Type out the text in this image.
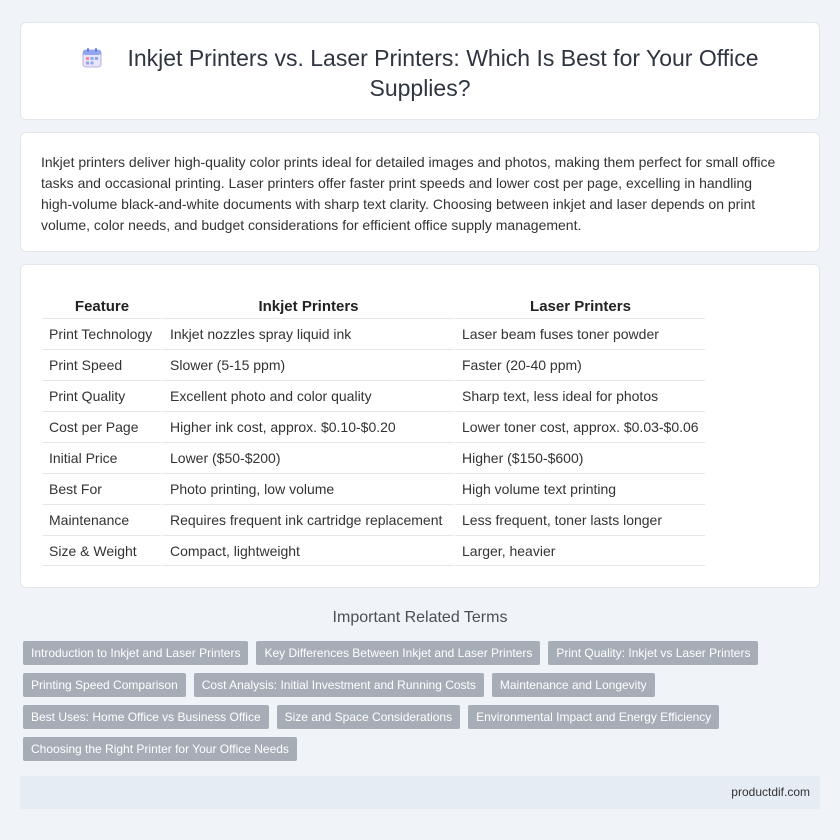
Inkjet Printers vs. Laser Printers: Which Is Best for Your Office Supplies?

Inkjet printers deliver high-quality color prints ideal for detailed images and photos, making them perfect for small office tasks and occasional printing. Laser printers offer faster print speeds and lower cost per page, excelling in handling high-volume black-and-white documents with sharp text clarity. Choosing between inkjet and laser depends on print volume, color needs, and budget considerations for efficient office supply management.

Feature	Inkjet Printers	Laser Printers
Print Technology	Inkjet nozzles spray liquid ink	Laser beam fuses toner powder
Print Speed	Slower (5-15 ppm)	Faster (20-40 ppm)
Print Quality	Excellent photo and color quality	Sharp text, less ideal for photos
Cost per Page	Higher ink cost, approx. $0.10-$0.20	Lower toner cost, approx. $0.03-$0.06
Initial Price	Lower ($50-$200)	Higher ($150-$600)
Best For	Photo printing, low volume	High volume text printing
Maintenance	Requires frequent ink cartridge replacement	Less frequent, toner lasts longer
Size & Weight	Compact, lightweight	Larger, heavier
Important Related Terms
Introduction to Inkjet and Laser Printers	Key Differences Between Inkjet and Laser Printers	Print Quality: Inkjet vs Laser Printers
Printing Speed Comparison	Cost Analysis: Initial Investment and Running Costs	Maintenance and Longevity
Best Uses: Home Office vs Business Office	Size and Space Considerations	Environmental Impact and Energy Efficiency
Choosing the Right Printer for Your Office Needs
productdif.com
